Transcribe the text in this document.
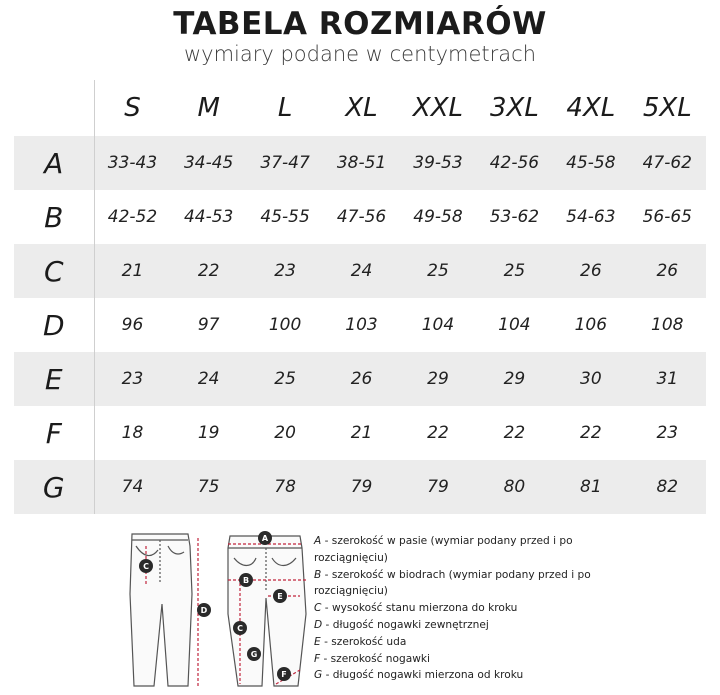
TABELA ROZMIARÓW
wymiary podane w centymetrach
	S	M	L	XL	XXL	3XL	4XL	5XL
A	33-43	34-45	37-47	38-51	39-53	42-56	45-58	47-62
B	42-52	44-53	45-55	47-56	49-58	53-62	54-63	56-65
C	21	22	23	24	25	25	26	26
D	96	97	100	103	104	104	106	108
E	23	24	25	26	29	29	30	31
F	18	19	20	21	22	22	22	23
G	74	75	78	79	79	80	81	82
A
B
C
C
D
E
F
G

A - szerokość w pasie (wymiar podany przed i po rozciągnięciu)

B - szerokość w biodrach (wymiar podany przed i po rozciągnięciu)

C - wysokość stanu mierzona do kroku

D - długość nogawki zewnętrznej

E - szerokość uda

F - szerokość nogawki

G - długość nogawki mierzona od kroku
